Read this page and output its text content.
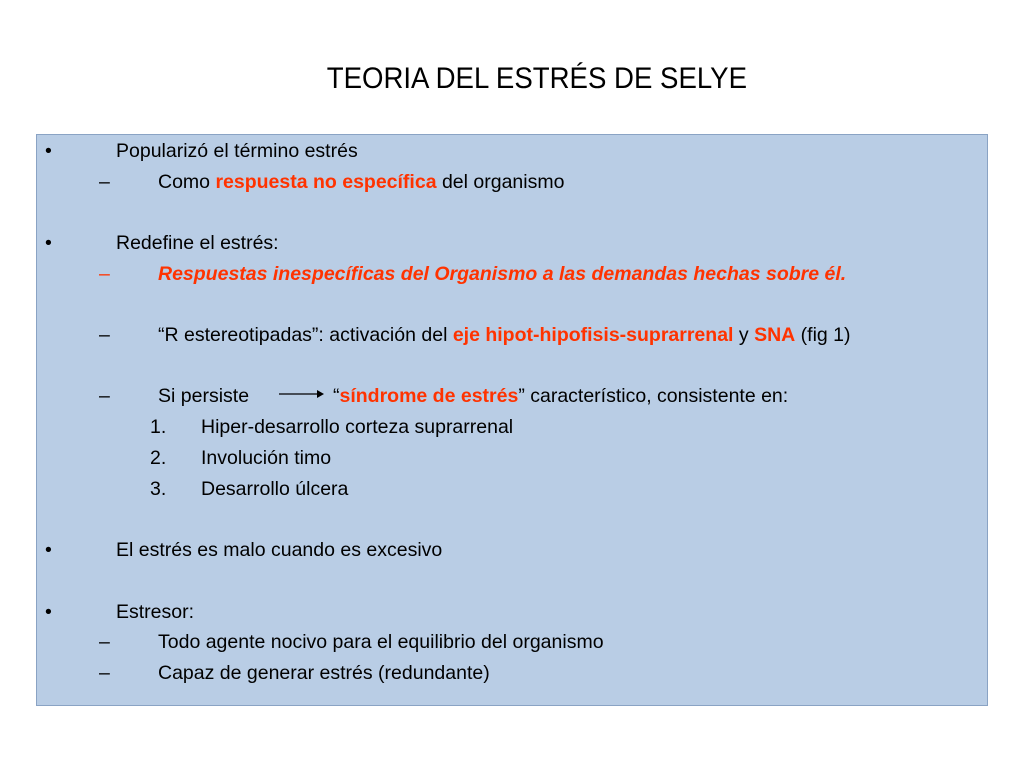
TEORIA DEL ESTRÉS DE SELYE
•	Popularizó el término estrés
– Como respuesta no específica del organismo
•	Redefine el estrés:
– Respuestas inespecíficas del Organismo a las demandas hechas sobre él.
– “R estereotipadas”: activación del eje hipot-hipofisis-suprarrenal y SNA (fig 1)
– Si persiste	“síndrome de estrés” característico, consistente en:
1. Hiper-desarrollo corteza suprarrenal
2. Involución timo
3. Desarrollo úlcera
•	El estrés es malo cuando es excesivo
•	Estresor:
– Todo agente nocivo para el equilibrio del organismo
– Capaz de generar estrés (redundante)
